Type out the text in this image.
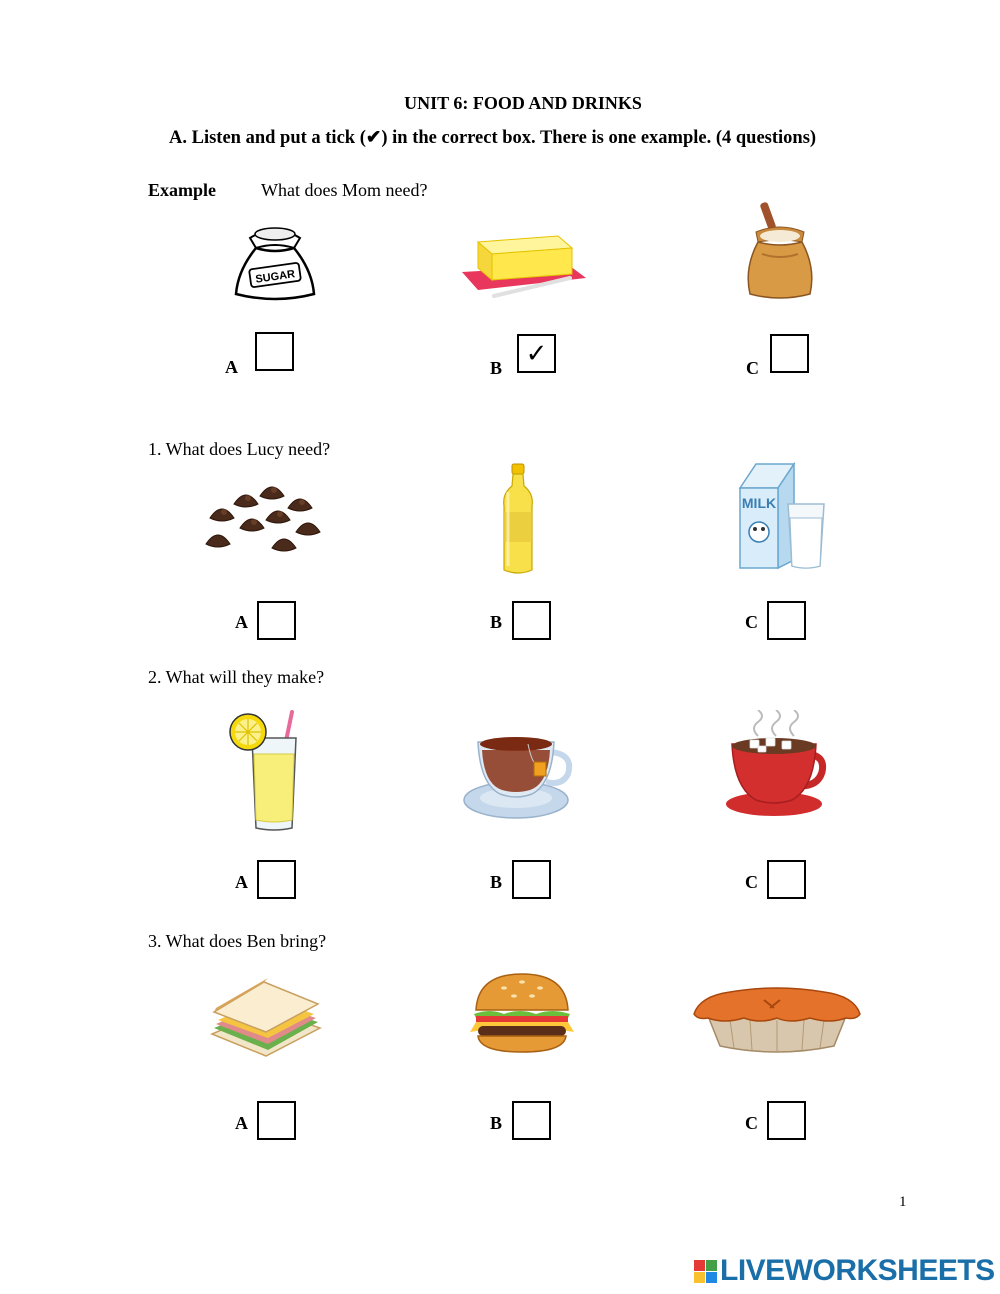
UNIT 6: FOOD AND DRINKS
A. Listen and put a tick (✔) in the correct box. There is one example. (4 questions)
Example What does Mom need?
SUGAR
A	B ✓	C
1. What does Lucy need?
MILK
A	B	C
2. What will they make?
A	B	C
3. What does Ben bring?
A	B	C
1
LIVEWORKSHEETS
